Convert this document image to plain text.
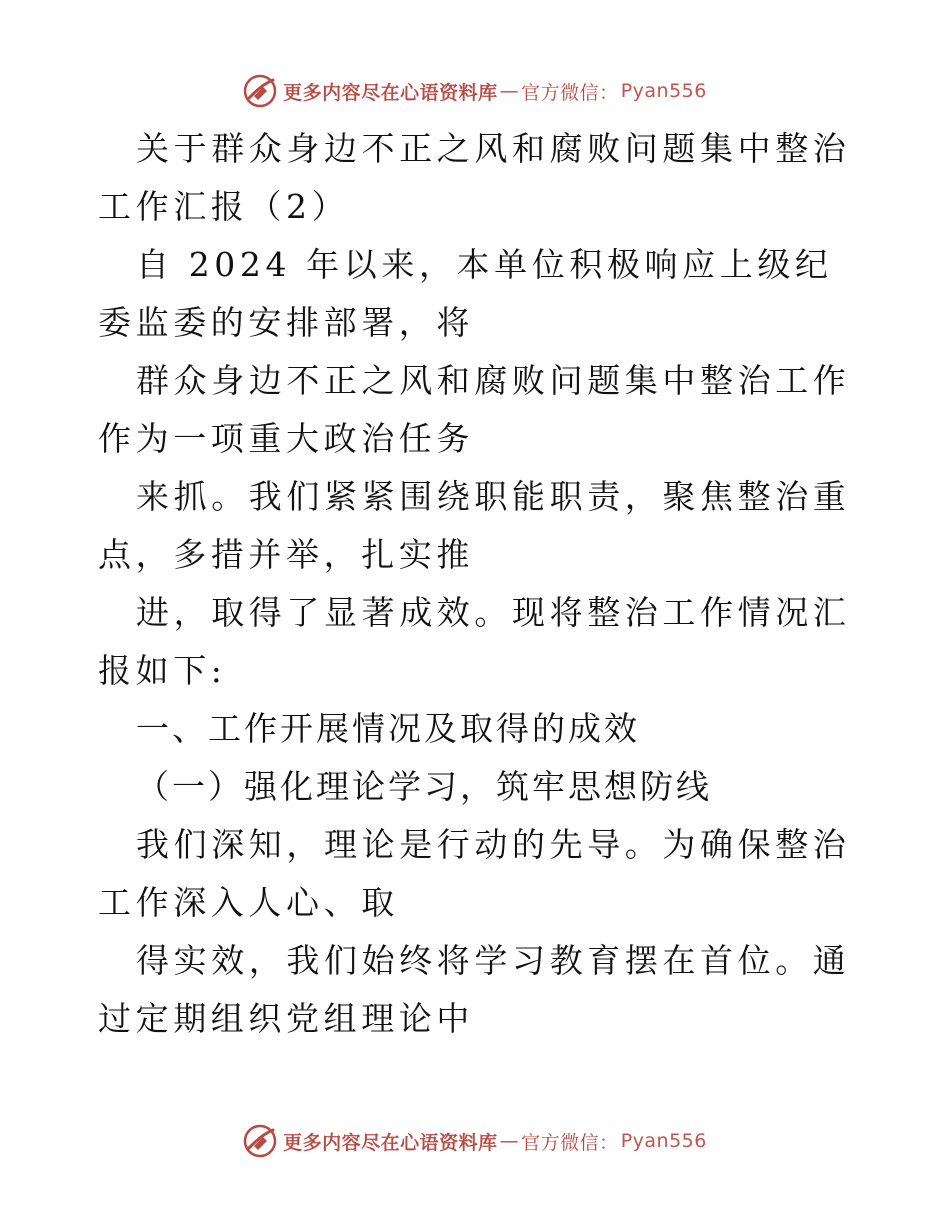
更多内容尽在心语资料库 — 官方微信： Pyan556

关于群众身边不正之风和腐败问题集中整治工作汇报（2）

自 2024 年以来，本单位积极响应上级纪委监委的安排部署，将

群众身边不正之风和腐败问题集中整治工作作为一项重大政治任务

来抓。我们紧紧围绕职能职责，聚焦整治重点，多措并举，扎实推

进，取得了显著成效。现将整治工作情况汇报如下:

一、工作开展情况及取得的成效

（一）强化理论学习，筑牢思想防线

我们深知，理论是行动的先导。为确保整治工作深入人心、取

得实效，我们始终将学习教育摆在首位。通过定期组织党组理论中

更多内容尽在心语资料库 — 官方微信： Pyan556
